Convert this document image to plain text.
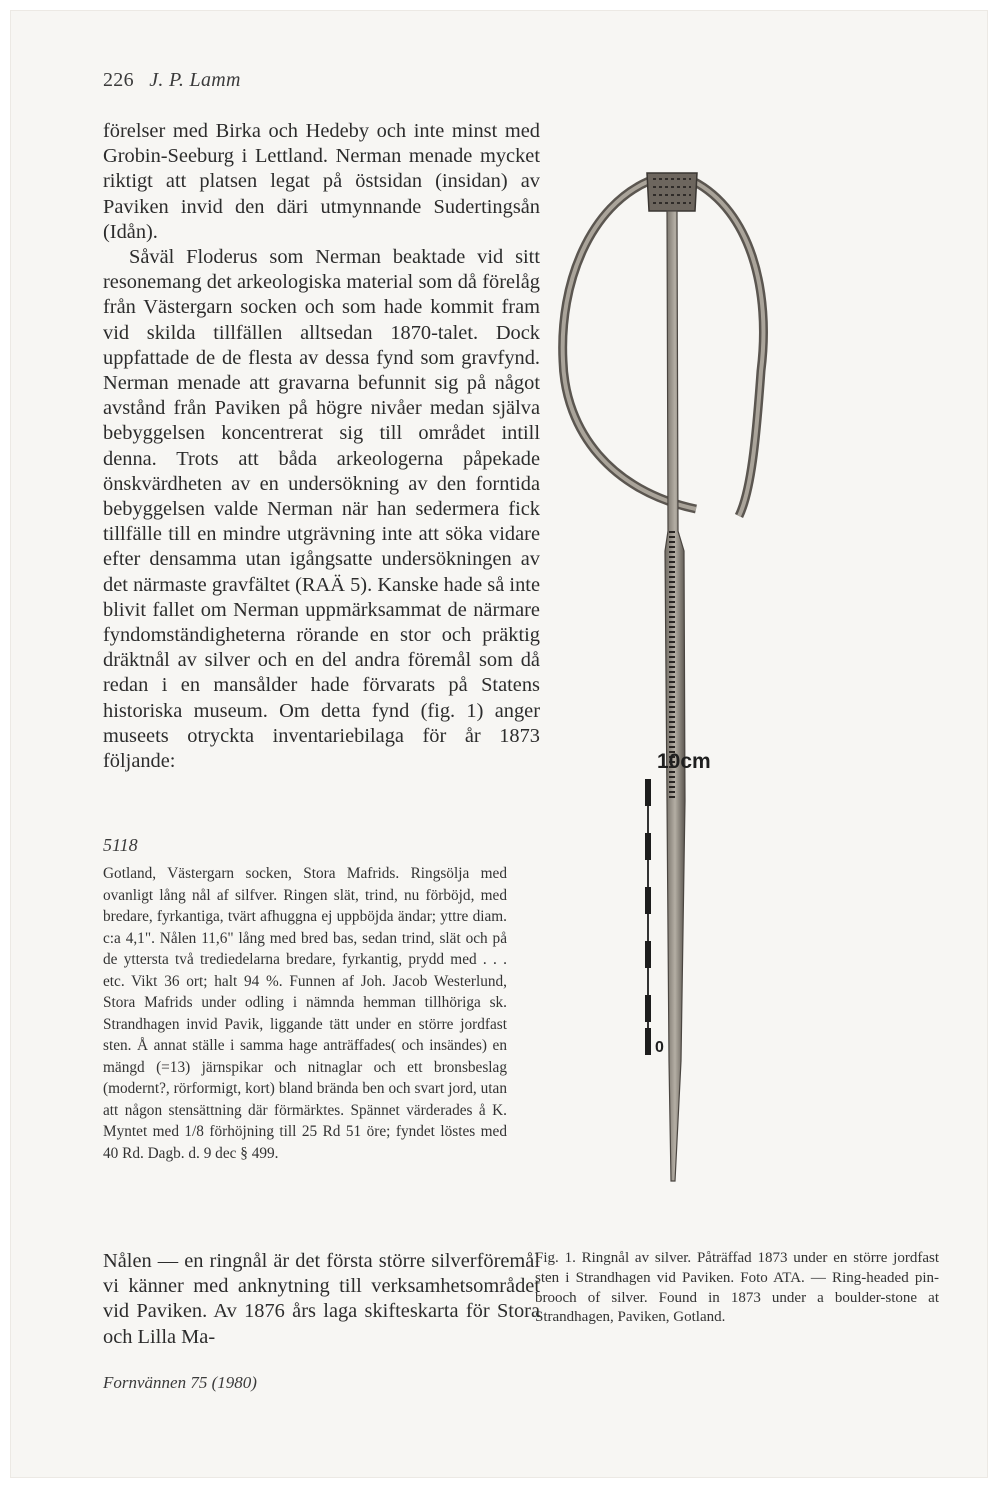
226 J. P. Lamm

förelser med Birka och Hedeby och inte minst med Grobin-Seeburg i Lettland. Nerman menade mycket riktigt att platsen legat på östsidan (insidan) av Paviken invid den däri utmynnande Sudertingsån (Idån).

Såväl Floderus som Nerman beaktade vid sitt resonemang det arkeologiska material som då förelåg från Västergarn socken och som hade kommit fram vid skilda tillfällen alltsedan 1870-talet. Dock uppfattade de de flesta av dessa fynd som gravfynd. Nerman menade att gravarna befunnit sig på något avstånd från Paviken på högre nivåer medan själva bebyggelsen koncentrerat sig till området intill denna. Trots att båda arkeologerna påpekade önskvärdheten av en undersökning av den forntida bebyggelsen valde Nerman när han sedermera fick tillfälle till en mindre utgrävning inte att söka vidare efter densamma utan igångsatte undersökningen av det närmaste gravfältet (RAÄ 5). Kanske hade så inte blivit fallet om Nerman uppmärksammat de närmare fyndomständigheterna rörande en stor och präktig dräktnål av silver och en del andra föremål som då redan i en mansålder hade förvarats på Statens historiska museum. Om detta fynd (fig. 1) anger museets otryckta inventariebilaga för år 1873 följande:

5118

Gotland, Västergarn socken, Stora Mafrids. Ringsölja med ovanligt lång nål af silfver. Ringen slät, trind, nu förböjd, med bredare, fyrkantiga, tvärt afhuggna ej uppböjda ändar; yttre diam. c:a 4,1". Nålen 11,6" lång med bred bas, sedan trind, slät och på de yttersta två trediedelarna bredare, fyrkantig, prydd med . . . etc. Vikt 36 ort; halt 94 %. Funnen af Joh. Jacob Westerlund, Stora Mafrids under odling i nämnda hemman tillhöriga sk. Strandhagen invid Pavik, liggande tätt under en större jordfast sten. Å annat ställe i samma hage anträffades( och insändes) en mängd (=13) järnspikar och nitnaglar och ett bronsbeslag (modernt?, rörformigt, kort) bland brända ben och svart jord, utan att någon stensättning där förmärktes. Spännet värderades å K. Myntet med 1/8 förhöjning till 25 Rd 51 öre; fyndet löstes med 40 Rd. Dagb. d. 9 dec § 499.

Nålen — en ringnål är det första större silverföremål vi känner med anknytning till verksamhetsområdet vid Paviken. Av 1876 års laga skifteskarta för Stora och Lilla Ma-

10cm
0
Fig. 1. Ringnål av silver. Påträffad 1873 under en större jordfast sten i Strandhagen vid Paviken. Foto ATA. — Ring-headed pin-brooch of silver. Found in 1873 under a boulder-stone at Strandhagen, Paviken, Gotland.
Fornvännen 75 (1980)
